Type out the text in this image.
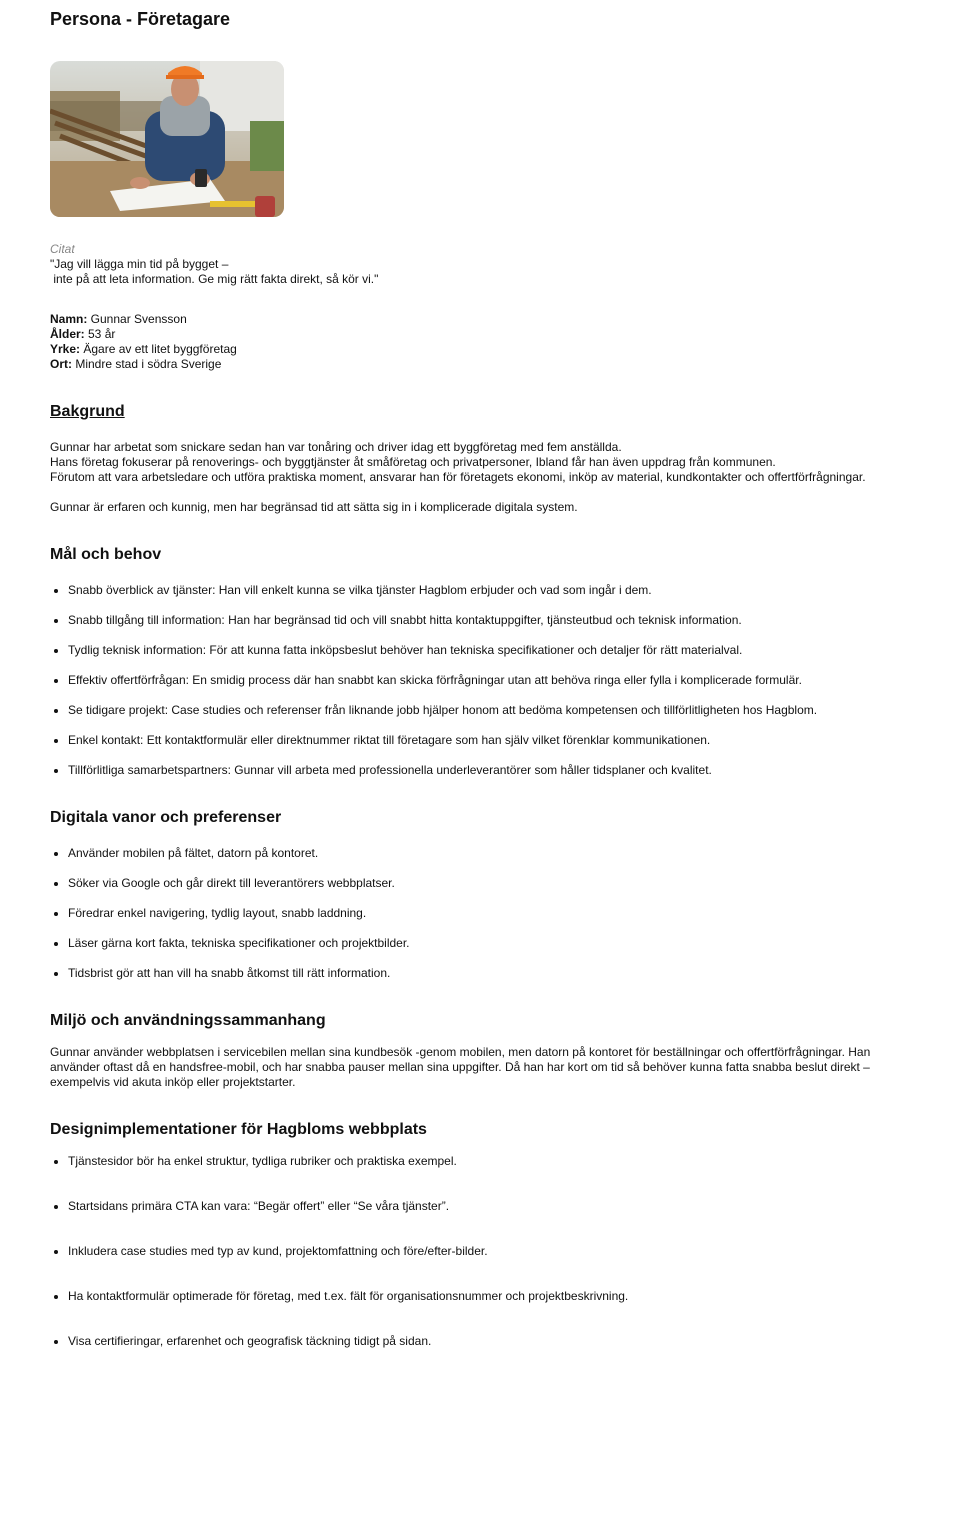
Persona - Företagare
Citat
"Jag vill lägga min tid på bygget –
inte på att leta information. Ge mig rätt fakta direkt, så kör vi."
Namn: Gunnar Svensson
Ålder: 53 år
Yrke: Ägare av ett litet byggföretag
Ort: Mindre stad i södra Sverige
Bakgrund

Gunnar har arbetat som snickare sedan han var tonåring och driver idag ett byggföretag med fem anställda.
Hans företag fokuserar på renoverings- och byggtjänster åt småföretag och privatpersoner, Ibland får han även uppdrag från kommunen.
Förutom att vara arbetsledare och utföra praktiska moment, ansvarar han för företagets ekonomi, inköp av material, kundkontakter och offertförfrågningar.

Gunnar är erfaren och kunnig, men har begränsad tid att sätta sig in i komplicerade digitala system.

Mål och behov
• Snabb överblick av tjänster: Han vill enkelt kunna se vilka tjänster Hagblom erbjuder och vad som ingår i dem.
• Snabb tillgång till information: Han har begränsad tid och vill snabbt hitta kontaktuppgifter, tjänsteutbud och teknisk information.
• Tydlig teknisk information: För att kunna fatta inköpsbeslut behöver han tekniska specifikationer och detaljer för rätt materialval.
• Effektiv offertförfrågan: En smidig process där han snabbt kan skicka förfrågningar utan att behöva ringa eller fylla i komplicerade formulär.
• Se tidigare projekt: Case studies och referenser från liknande jobb hjälper honom att bedöma kompetensen och tillförlitligheten hos Hagblom.
• Enkel kontakt: Ett kontaktformulär eller direktnummer riktat till företagare som han själv vilket förenklar kommunikationen.
• Tillförlitliga samarbetspartners: Gunnar vill arbeta med professionella underleverantörer som håller tidsplaner och kvalitet.
Digitala vanor och preferenser
• Använder mobilen på fältet, datorn på kontoret.
• Söker via Google och går direkt till leverantörers webbplatser.
• Föredrar enkel navigering, tydlig layout, snabb laddning.
• Läser gärna kort fakta, tekniska specifikationer och projektbilder.
• Tidsbrist gör att han vill ha snabb åtkomst till rätt information.
Miljö och användningssammanhang

Gunnar använder webbplatsen i servicebilen mellan sina kundbesök -genom mobilen, men datorn på kontoret för beställningar och offertförfrågningar. Han använder oftast då en handsfree-mobil, och har snabba pauser mellan sina uppgifter. Då han har kort om tid så behöver kunna fatta snabba beslut direkt – exempelvis vid akuta inköp eller projektstarter.

Designimplementationer för Hagbloms webbplats
• Tjänstesidor bör ha enkel struktur, tydliga rubriker och praktiska exempel.
• Startsidans primära CTA kan vara: “Begär offert” eller “Se våra tjänster”.
• Inkludera case studies med typ av kund, projektomfattning och före/efter-bilder.
• Ha kontaktformulär optimerade för företag, med t.ex. fält för organisationsnummer och projektbeskrivning.
• Visa certifieringar, erfarenhet och geografisk täckning tidigt på sidan.
